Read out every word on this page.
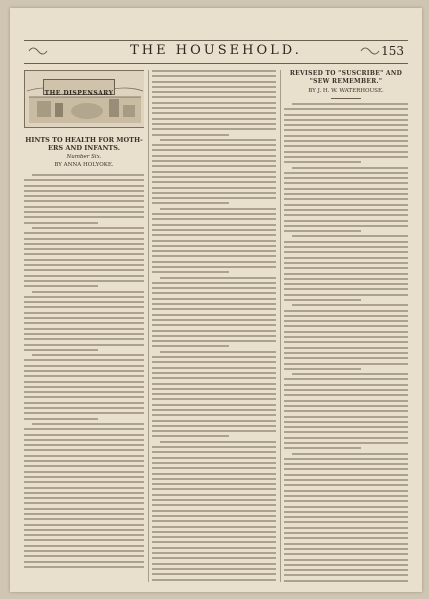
THE HOUSEHOLD.	153
THE DISPENSARY
HINTS TO HEALTH FOR MOTH-ERS AND INFANTS.
Number Six.
BY ANNA HOLYOKE.
REVISED TO "SUSCRIBE" AND "SEW REMEMBER."
BY J. H. W. WATERHOUSE.
